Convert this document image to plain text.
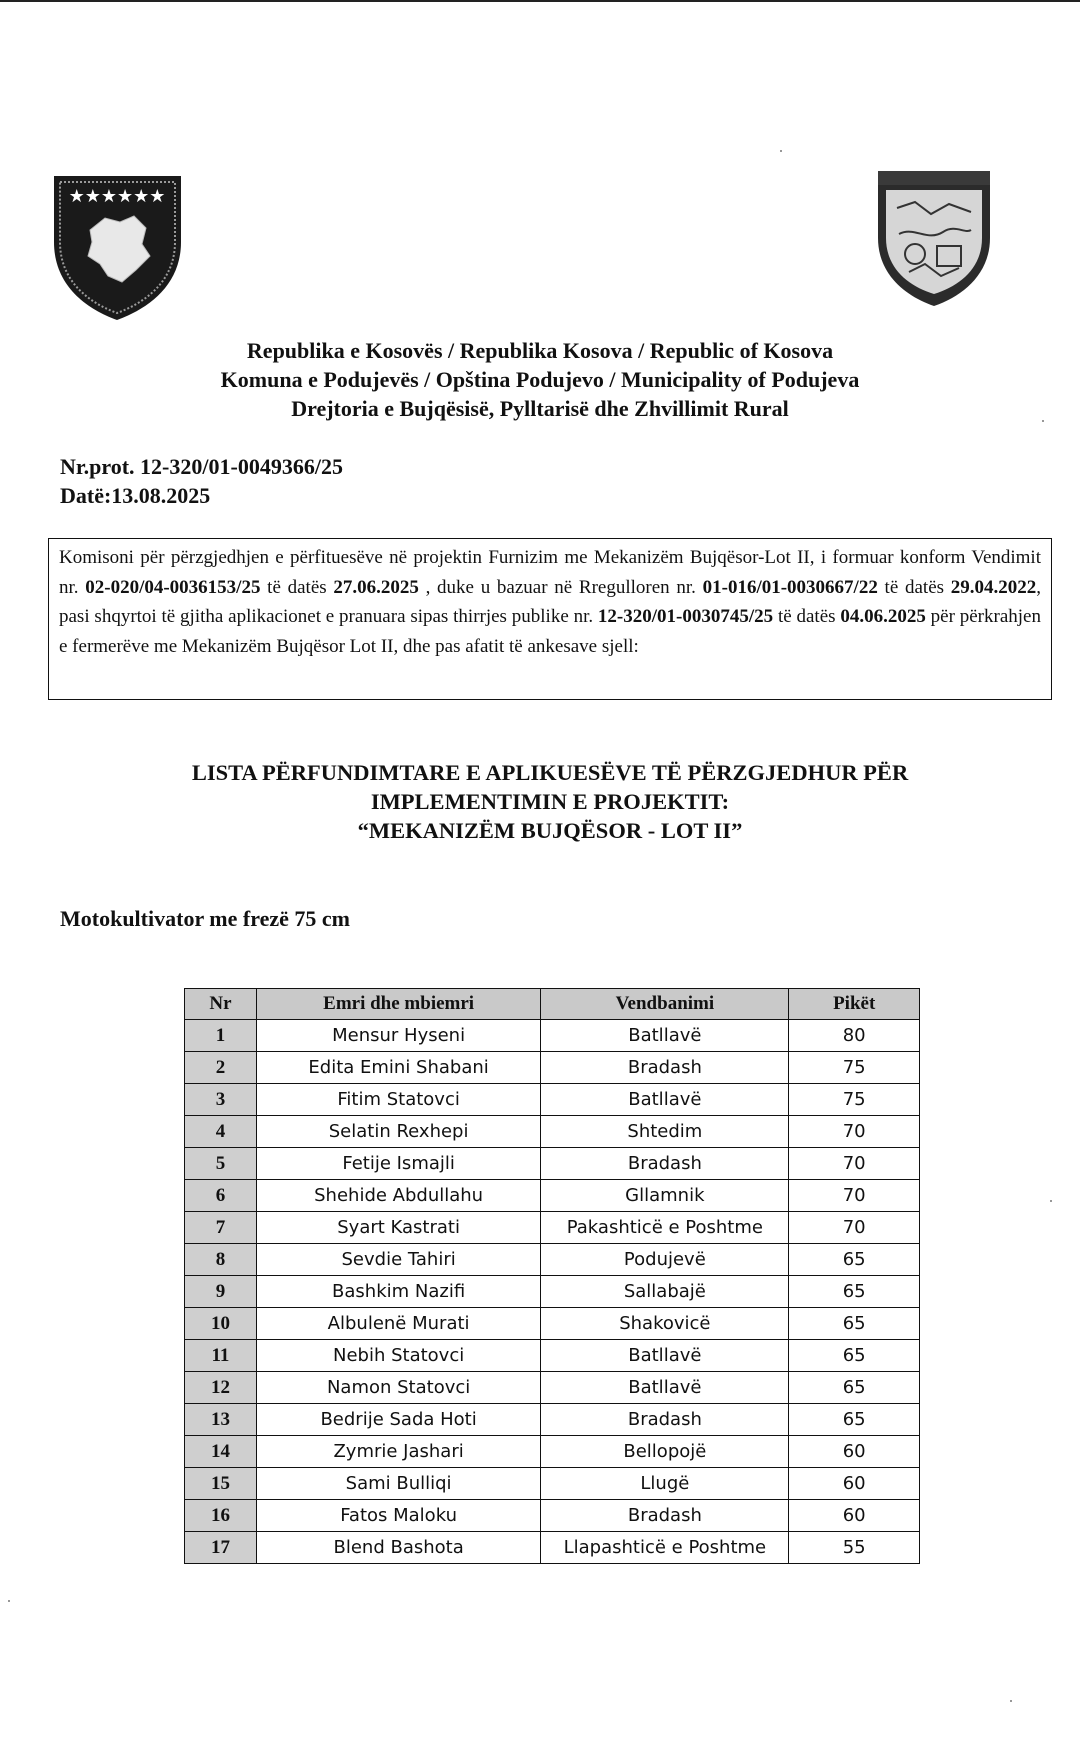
★★★★★★
Republika e Kosovës / Republika Kosova / Republic of Kosova
Komuna e Podujevës / Opština Podujevo / Municipality of Podujeva
Drejtoria e Bujqësisë, Pylltarisë dhe Zhvillimit Rural
Nr.prot. 12-320/01-0049366/25
Datë:13.08.2025
Komisoni për përzgjedhjen e përfituesëve në projektin Furnizim me Mekanizëm Bujqësor-Lot II, i formuar konform Vendimit nr. 02-020/04-0036153/25 të datës 27.06.2025 , duke u bazuar në Rregulloren nr. 01-016/01-0030667/22 të datës 29.04.2022, pasi shqyrtoi të gjitha aplikacionet e pranuara sipas thirrjes publike nr. 12-320/01-0030745/25 të datës 04.06.2025 për përkrahjen e fermerëve me Mekanizëm Bujqësor Lot II, dhe pas afatit të ankesave sjell:
LISTA PËRFUNDIMTARE E APLIKUESËVE TË PËRZGJEDHUR PËR
IMPLEMENTIMIN E PROJEKTIT:
“MEKANIZËM BUJQËSOR - LOT II”
Motokultivator me frezë 75 cm
Nr	Emri dhe mbiemri	Vendbanimi	Pikët
1	Mensur Hyseni	Batllavë	80
2	Edita Emini Shabani	Bradash	75
3	Fitim Statovci	Batllavë	75
4	Selatin Rexhepi	Shtedim	70
5	Fetije Ismajli	Bradash	70
6	Shehide Abdullahu	Gllamnik	70
7	Syart Kastrati	Pakashticë e Poshtme	70
8	Sevdie Tahiri	Podujevë	65
9	Bashkim Nazifi	Sallabajë	65
10	Albulenë Murati	Shakovicë	65
11	Nebih Statovci	Batllavë	65
12	Namon Statovci	Batllavë	65
13	Bedrije Sada Hoti	Bradash	65
14	Zymrie Jashari	Bellopojë	60
15	Sami Bulliqi	Llugë	60
16	Fatos Maloku	Bradash	60
17	Blend Bashota	Llapashticë e Poshtme	55
